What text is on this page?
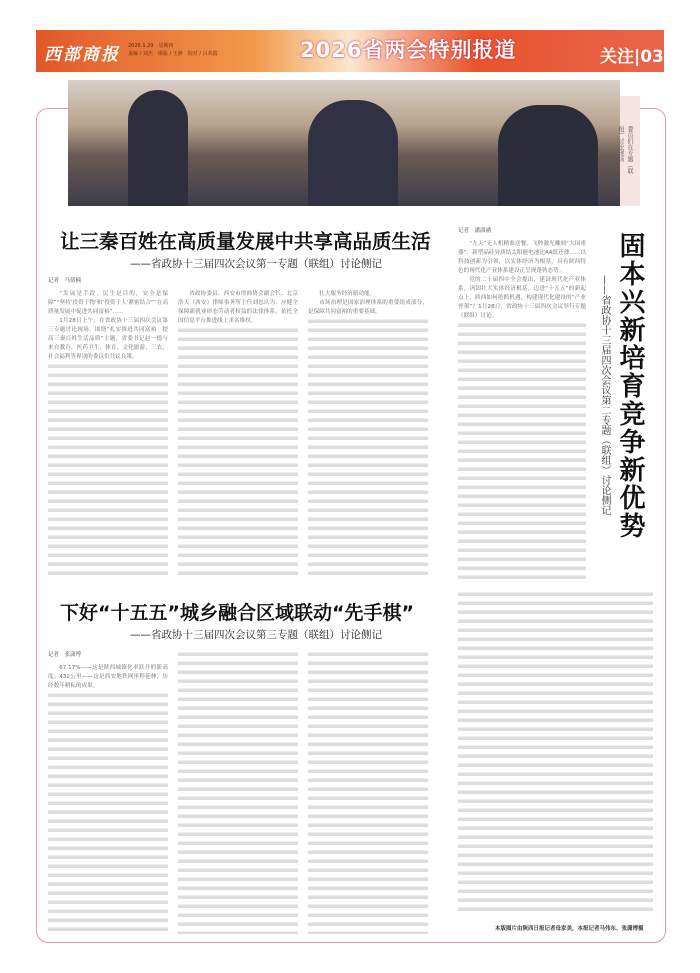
西部商报 2026.1.29　 星期四
责编 / 刘杰　组版 / 王静　校对 / 吕英霞	2026省两会特别报道	关注|03
委员们在专题（联组）讨论现场
让三秦百姓在高质量发展中共享高品质生活
——省政协十三届四次会议第一专题（联组）讨论侧记
记者　马倩楠

“发展是手段，民生是目的，安全是保障”“坚持‘投资于物’和‘投资于人’紧密结合”“在高质量发展中促进共同富裕”……

1月28日上午，在省政协十三届四次会议第三专题讨论现场，围绕“扎实推进共同富裕　提高三秦百姓生活品质”主题，省委书记赵一德与来自教育、医药卫生、体育、文化旅游、三农、社会福利等界别的委员们共议良策。

省政协委员、西安市律师协会副会长、北京浩天（西安）律师事务所主任刘忠认为，应健全保障新就业形态劳动者权益的法律体系，依托全国信息平台推进线上求名维权。

壮大服务经济新动能。

市场治理是国家治理体系的重要组成部分，是保障共同富裕的重要基础。

记者　潘淑涵

“九天”无人机精准送餐，飞秒激光雕刻“大国重器”，新型晶硅异质结太阳能电池比A4纸还薄……以科技创新为引领，以实体经济为根基，具有陕西特色的现代化产业体系建设正呈现蓬勃态势。

党的二十届四中全会提出，建设现代化产业体系，巩固壮大实体经济根基。迈进“十五五”的新起点上，陕西如何抢抓机遇，构建现代化建设的“产业骨架”？1月28日，省政协十三届四次会议举行专题（联组）讨论。	固本兴新培育竞争新优势
——省政协十三届四次会议第二专题（联组）讨论侧记
下好“十五五”城乡融合区域联动“先手棋”
——省政协十三届四次会议第三专题（联组）讨论侧记
记者　张潇博

67.17%——这是陕西城镇化率跃升的新高度；432公里——这是西安地铁网里程延伸，历经数年耕耘的成果。

本版图片由陕西日报记者母家美，本报记者马伟东、张潇博摄
